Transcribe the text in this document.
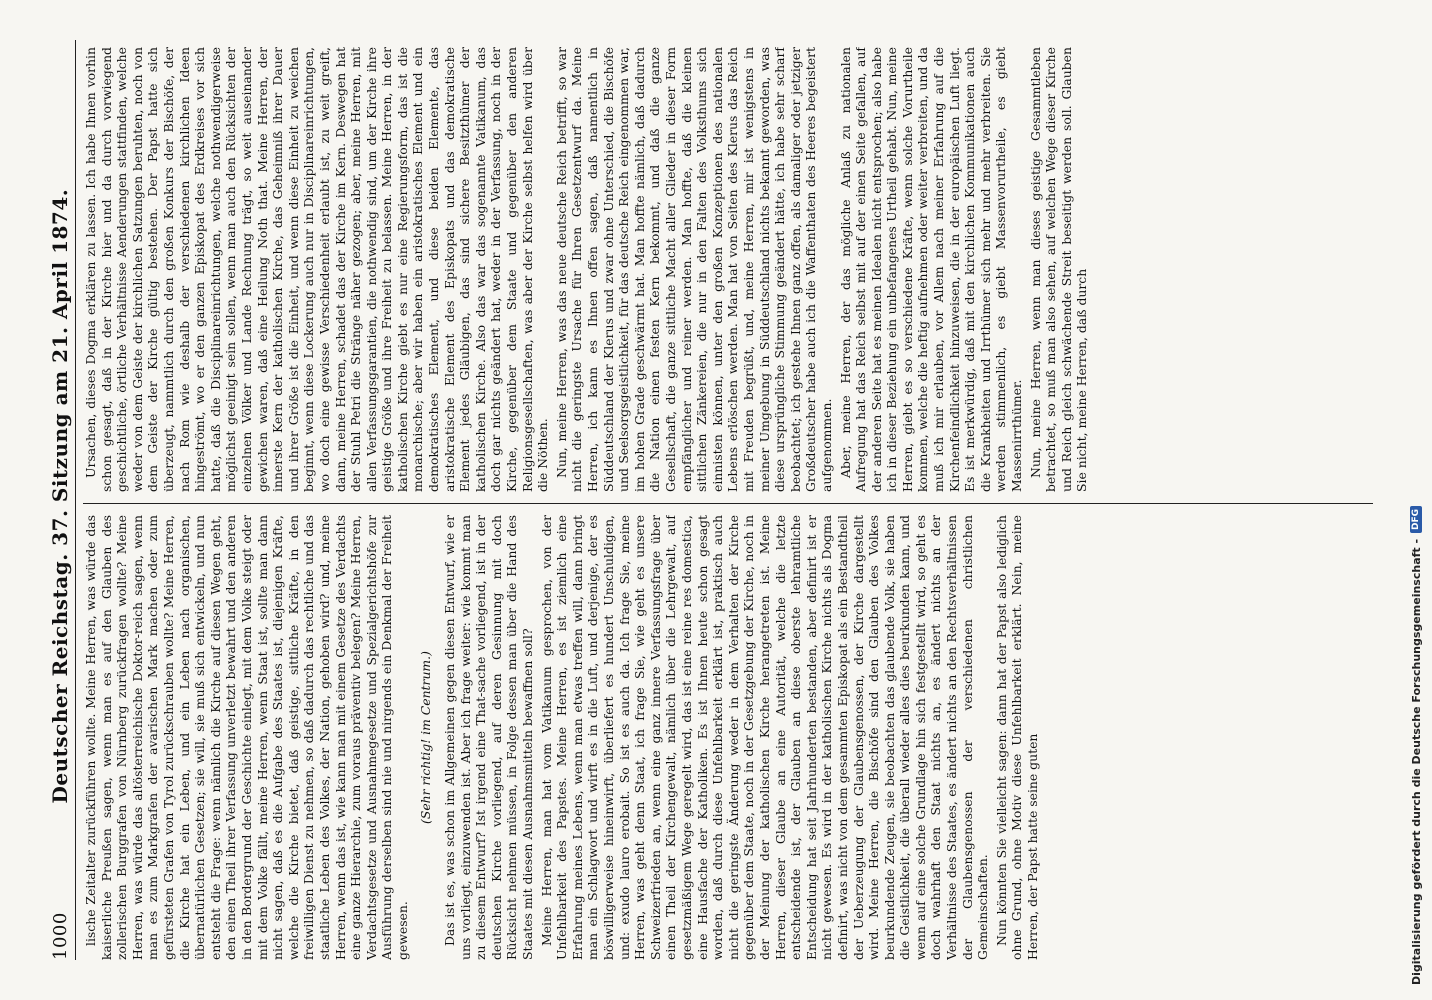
1000
Deutscher Reichstag. 37. Sitzung am 21. April 1874. lische Zeitalter zurückführen wollte. Meine Herren, was würde das kaiserliche Preußen sagen, wenn man es auf den Glauben des zollerischen Burggrafen von Nürnberg zurückfragen wollte? Meine Herren, was würde das altösterreichische Doktor-reich sagen, wenn man es zum Markgrafen der avarischen Mark machen oder zum gefürsteten Grafen von Tyrol zurückschrauben wollte? Meine Herren, die Kirche hat ein Leben, und ein Leben nach organischen, übernatürlichen Gesetzen; sie will, sie muß sich entwickeln, und nun entsteht die Frage: wenn nämlich die Kirche auf diesen Wegen geht, den einen Theil ihrer Verfassung unverletzt bewahrt und den anderen in den Bordergrund der Geschichte einlegt, mit dem Volke steigt oder mit dem Volke fällt, meine Herren, wenn Staat ist, sollte man dann nicht sagen, daß es die Aufgabe des Staates ist, diejenigen Kräfte, welche die Kirche bietet, daß geistige, sittliche Kräfte, in den freiwilligen Dienst zu nehmen, so daß dadurch das rechtliche und das staatliche Leben des Volkes, der Nation, gehoben wird? und, meine Herren, wenn das ist, wie kann man mit einem Gesetze des Verdachts eine ganze Hierarchie, zum voraus präventiv belegen? Meine Herren, Verdachtsgesetze und Ausnahmegesetze und Spezialgerichtshöfe zur Ausführung derselben sind nie und nirgends ein Denkmal der Freiheit gewesen.

(Sehr richtig! im Centrum.) Das ist es, was schon im Allgemeinen gegen diesen Entwurf, wie er uns vorliegt, einzuwenden ist. Aber ich frage weiter: wie kommt man zu diesem Entwurf? Ist irgend eine That-sache vorliegend, ist in der deutschen Kirche vorliegend, auf deren Gesinnung mit doch Rücksicht nehmen müssen, in Folge dessen man über die Hand des Staates mit diesen Ausnahmsmitteln bewaffnen soll? Meine Herren, man hat vom Vatikanum gesprochen, von der Unfehlbarkeit des Papstes. Meine Herren, es ist ziemlich eine Erfahrung meines Lebens, wenn man etwas treffen will, dann bringt man ein Schlagwort und wirft es in die Luft, und derjenige, der es böswilligerweise hineinwirft, überliefert es hundert Unschuldigen, und: exudo lauro erobait. So ist es auch da. Ich frage Sie, meine Herren, was geht denn Staat, ich frage Sie, wie geht es unsere Schweizerfrieden an, wenn eine ganz innere Verfassungsfrage über einen Theil der Kirchengewalt, nämlich über die Lehrgewalt, auf gesetzmäßigem Wege geregelt wird, das ist eine reine res domestica, eine Hausfache der Katholiken. Es ist Ihnen heute schon gesagt worden, daß durch diese Unfehlbarkeit erklärt ist, praktisch auch nicht die geringste Änderung weder in dem Verhalten der Kirche gegenüber dem Staate, noch in der Gesetzgebung der Kirche, noch in der Meinung der katholischen Kirche herangetreten ist. Meine Herren, dieser Glaube an eine Autorität, welche die letzte entscheidende ist, der Glauben an diese oberste lehramtliche Entscheidung hat seit Jahrhunderten bestanden, aber definirt ist er nicht gewesen. Es wird in der katholischen Kirche nichts als Dogma definirt, was nicht von dem gesammten Episkopat als ein Bestandtheil der Ueberzeugung der Glaubensgenossen, der Kirche dargestellt wird. Meine Herren, die Bischöfe sind den Glauben des Volkes beurkundende Zeugen, sie beobachten das glaubende Volk, sie haben die Geistlichkeit, die überall wieder alles dies beurkunden kann, und wenn auf eine solche Grundlage hin sich festgestellt wird, so geht es doch wahrhaft den Staat nichts an, es ändert nichts an der Verhältnisse des Staates, es ändert nichts an den Rechtsverhältnissen der Glaubensgenossen der verschiedenen christlichen Gemeinschaften. Nun könnten Sie vielleicht sagen: dann hat der Papst also lediglich ohne Grund, ohne Motiv diese Unfehlbarkeit erklärt. Nein, meine Herren, der Papst hatte seine guten

Ursachen, dieses Dogma erklären zu lassen. Ich habe Ihnen vorhin schon gesagt, daß in der Kirche hier und da durch vorwiegend geschichtliche, örtliche Verhältnisse Aenderungen stattfinden, welche weder von dem Geiste der kirchlichen Satzungen beruhten, noch von dem Geiste der Kirche gültig bestehen. Der Papst hatte sich überzeugt, nammtlich durch den großen Konkurs der Bischöfe, der nach Rom wie deshalb der verschiedenen kirchlichen Ideen hingeströmt, wo er den ganzen Episkopat des Erdkreises vor sich hatte, daß die Disciplinareinrichtungen, welche nothwendigerweise möglichst geeinigt sein sollen, wenn man auch den Rücksichten der einzelnen Völker und Lande Rechnung trägt, so weit auseinander gewichen waren, daß eine Heilung Noth that. Meine Herren, der innerste Kern der katholischen Kirche, das Geheimniß ihrer Dauer und ihrer Größe ist die Einheit, und wenn diese Einheit zu weichen beginnt, wenn diese Lockerung auch nur in Disciplinareinrichtungen, wo doch eine gewisse Verschiedenheit erlaubt ist, zu weit greift, dann, meine Herren, schadet das der Kirche im Kern. Deswegen hat der Stuhl Petri die Stränge näher gezogen; aber, meine Herren, mit allen Verfassungsgarantien, die nothwendig sind, um der Kirche ihre geistige Größe und ihre Freiheit zu belassen. Meine Herren, in der katholischen Kirche giebt es nur eine Regierungsform, das ist die monarchische; aber wir haben ein aristokratisches Element und ein demokratisches Element, und diese beiden Elemente, das aristokratische Element des Episkopats und das demokratische Element jedes Gläubigen, das sind sichere Besitzthümer der katholischen Kirche. Also das war das sogenannte Vatikanum, das doch gar nichts geändert hat, weder in der Verfassung, noch in der Kirche, gegenüber dem Staate und gegenüber den anderen Religionsgesellschaften, was aber der Kirche selbst helfen wird über die Nöthen. Nun, meine Herren, was das neue deutsche Reich betrifft, so war nicht die geringste Ursache für Ihren Gesetzentwurf da. Meine Herren, ich kann es Ihnen offen sagen, daß namentlich in Süddeutschland der Klerus und zwar ohne Unterschied, die Bischöfe und Seelsorgsgeistlichkeit, für das deutsche Reich eingenommen war, im hohen Grade geschwärmt hat. Man hoffte nämlich, daß dadurch die Nation einen festen Kern bekommt, und daß die ganze Gesellschaft, die ganze sittliche Macht aller Glieder in dieser Form empfänglicher und reiner werden. Man hoffte, daß die kleinen sittlichen Zänkereien, die nur in den Falten des Volksthums sich einnisten können, unter den großen Konzeptionen des nationalen Lebens erlöschen werden. Man hat von Seiten des Klerus das Reich mit Freuden begrüßt, und, meine Herren, mir ist wenigstens in meiner Umgebung in Süddeutschland nichts bekannt geworden, was diese ursprüngliche Stimmung geändert hätte, ich habe sehr scharf beobachtet; ich gestehe Ihnen ganz offen, als damaliger oder jetziger Großdeutscher habe auch ich die Waffenthaten des Heeres begeistert aufgenommen. Aber, meine Herren, der das mögliche Anlaß zu nationalen Aufregung hat das Reich selbst mit auf der einen Seite gefallen, auf der anderen Seite hat es meinen Idealen nicht entsprochen; also habe ich in dieser Beziehung ein unbefangenes Urtheil gehabt. Nun, meine Herren, giebt es so verschiedene Kräfte, wenn solche Vorurtheile kommen, welche die heftig aufnehmen oder weiter verbreiten, und da muß ich mir erlauben, vor Allem nach meiner Erfahrung auf die Kirchenfeindlichkeit hinzuweisen, die in der europäischen Luft liegt. Es ist merkwürdig, daß mit den kirchlichen Kommunikationen auch die Krankheiten und Irrthümer sich mehr und mehr verbreiten. Sie werden stimmenlich, es giebt Massenvorurtheile, es giebt Massenirrthümer. Nun, meine Herren, wenn man dieses geistige Gesammtleben betrachtet, so muß man also sehen, auf welchen Wege dieser Kirche und Reich gleich schwächende Streit beseitigt werden soll. Glauben Sie nicht, meine Herren, daß durch

Digitalisierung gefördert durch die Deutsche Forschungsgemeinschaft -
DFG
